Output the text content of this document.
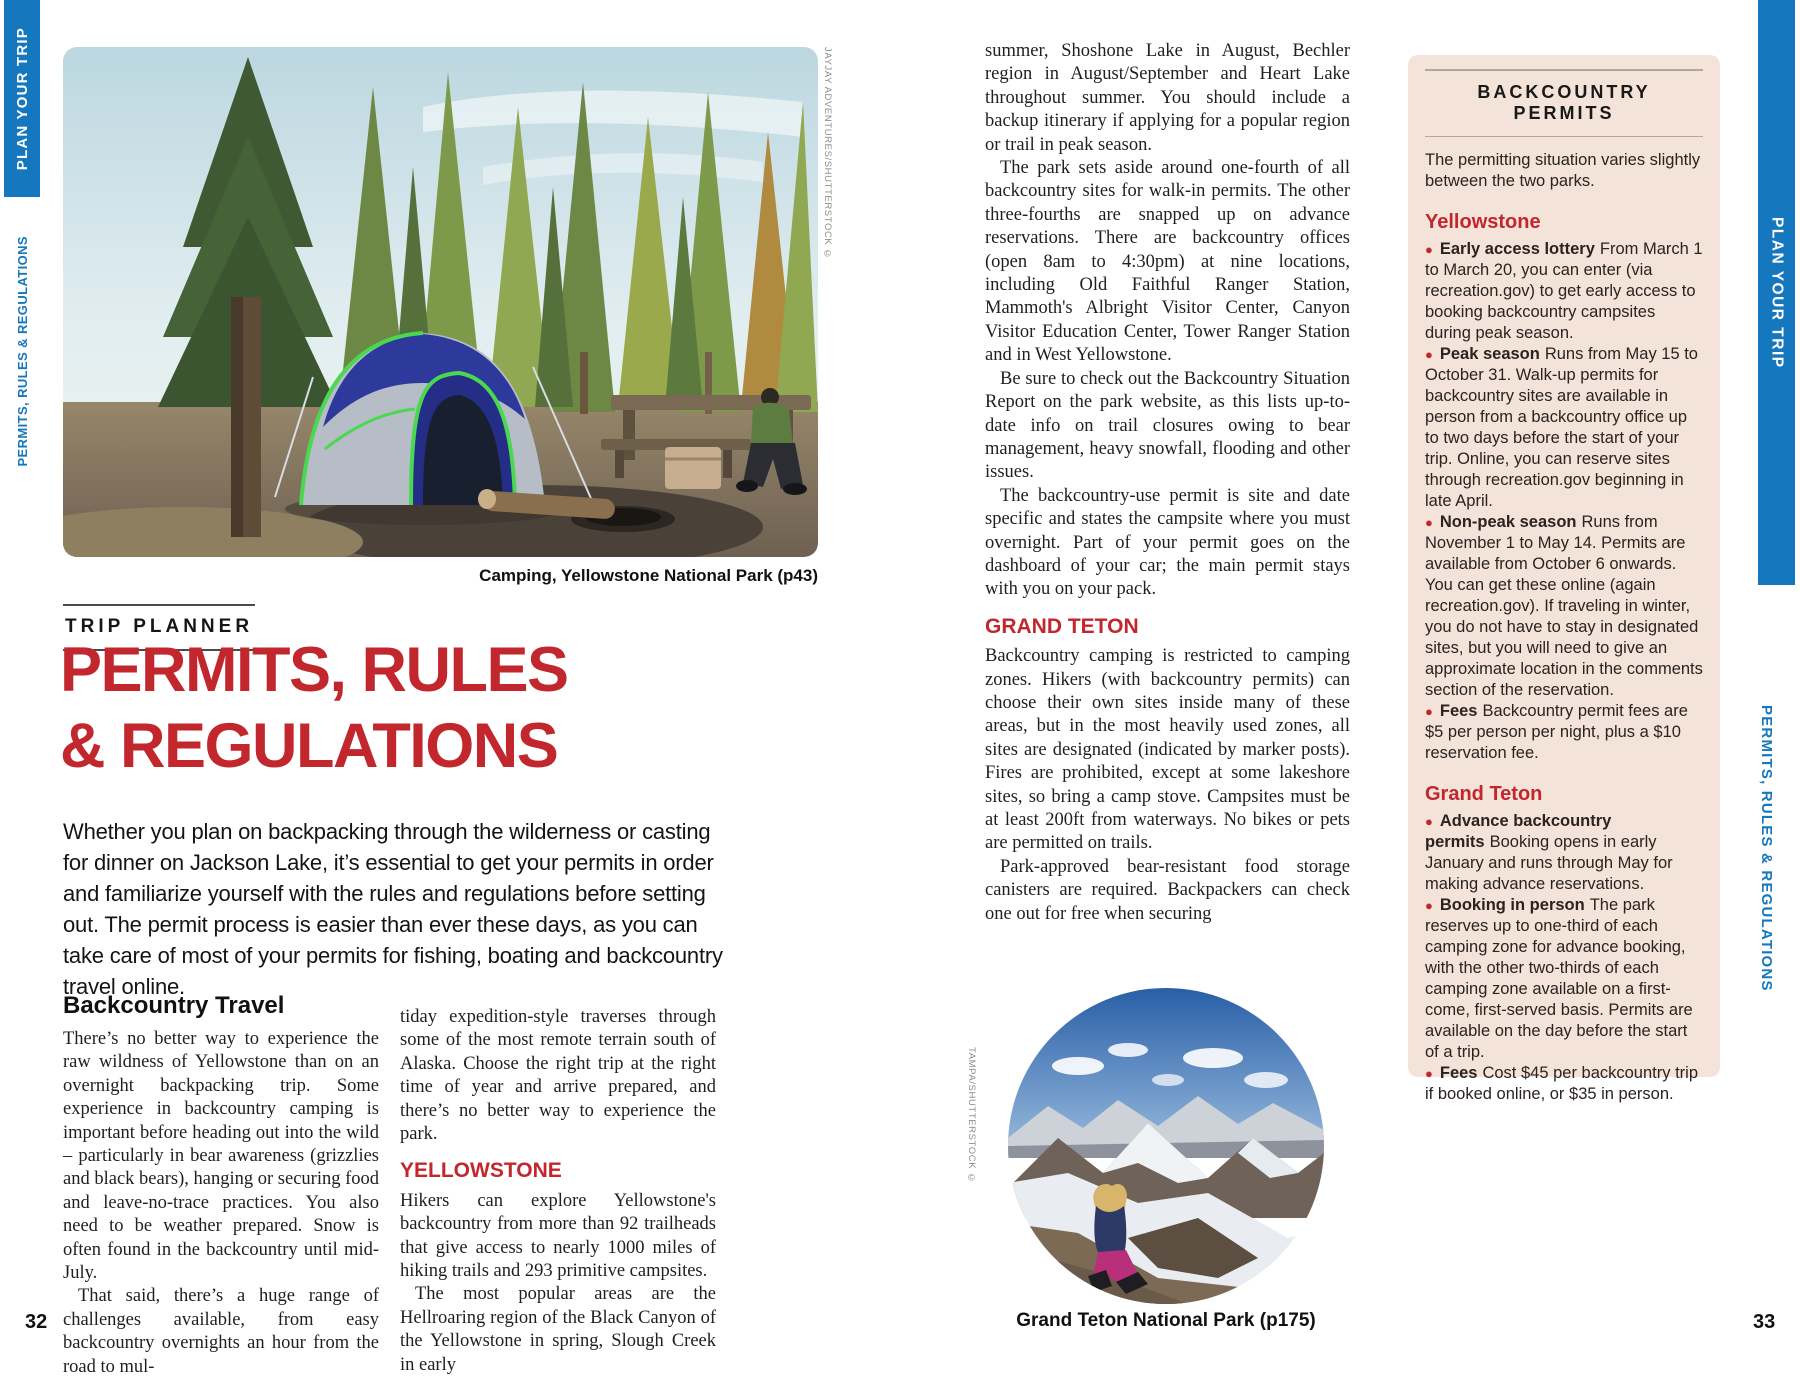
PLAN YOUR TRIP
PERMITS, RULES & REGULATIONS
JAYJAY ADVENTURES/SHUTTERSTOCK ©
Camping, Yellowstone National Park (p43)
TRIP PLANNER
PERMITS, RULES
& REGULATIONS
Whether you plan on backpacking through the wilderness or casting for dinner on Jackson Lake, it’s essential to get your permits in order and familiarize yourself with the rules and regulations before setting out. The permit process is easier than ever these days, as you can take care of most of your permits for fishing, boating and backcountry travel online.
Backcountry Travel

There’s no better way to experience the raw wildness of Yellowstone than on an overnight backpacking trip. Some experience in backcountry camping is important before heading out into the wild – particularly in bear awareness (grizzlies and black bears), hanging or securing food and leave-no-trace practices. You also need to be weather prepared. Snow is often found in the backcountry until mid-July.

That said, there’s a huge range of challenges available, from easy backcountry overnights an hour from the road to mul-

tiday expedition-style traverses through some of the most remote terrain south of Alaska. Choose the right trip at the right time of year and arrive prepared, and there’s no better way to experience the park.

YELLOWSTONE

Hikers can explore Yellowstone's backcountry from more than 92 trailheads that give access to nearly 1000 miles of hiking trails and 293 primitive campsites.

The most popular areas are the Hellroaring region of the Black Canyon of the Yellowstone in spring, Slough Creek in early

summer, Shoshone Lake in August, Bechler region in August/September and Heart Lake throughout summer. You should include a backup itinerary if applying for a popular region or trail in peak season.

The park sets aside around one-fourth of all backcountry sites for walk-in permits. The other three-fourths are snapped up on advance reservations. There are backcountry offices (open 8am to 4:30pm) at nine locations, including Old Faithful Ranger Station, Mammoth's Albright Visitor Center, Canyon Visitor Education Center, Tower Ranger Station and in West Yellowstone.

Be sure to check out the Backcountry Situation Report on the park website, as this lists up-to-date info on trail closures owing to bear management, heavy snowfall, flooding and other issues.

The backcountry-use permit is site and date specific and states the campsite where you must overnight. Part of your permit goes on the dashboard of your car; the main permit stays with you on your pack.

GRAND TETON

Backcountry camping is restricted to camping zones. Hikers (with backcountry permits) can choose their own sites inside many of these areas, but in the most heavily used zones, all sites are designated (indicated by marker posts). Fires are prohibited, except at some lakeshore sites, so bring a camp stove. Campsites must be at least 200ft from waterways. No bikes or pets are permitted on trails.

Park-approved bear-resistant food storage canisters are required. Backpackers can check one out for free when securing

TAMPA/SHUTTERSTOCK ©
Grand Teton National Park (p175)
BACKCOUNTRY PERMITS

The permitting situation varies slightly between the two parks.

Yellowstone

● Early access lottery From March 1 to March 20, you can enter (via recreation.gov) to get early access to booking backcountry campsites during peak season.

● Peak season Runs from May 15 to October 31. Walk-up permits for backcountry sites are available in person from a backcountry office up to two days before the start of your trip. Online, you can reserve sites through recreation.gov beginning in late April.

● Non-peak season Runs from November 1 to May 14. Permits are available from October 6 onwards. You can get these online (again recreation.gov). If traveling in winter, you do not have to stay in designated sites, but you will need to give an approximate location in the comments section of the reservation.

● Fees Backcountry permit fees are $5 per person per night, plus a $10 reservation fee.

Grand Teton

● Advance backcountry permits Booking opens in early January and runs through May for making advance reservations.

● Booking in person The park reserves up to one-third of each camping zone for advance booking, with the other two-thirds of each camping zone available on a first-come, first-served basis. Permits are available on the day before the start of a trip.

● Fees Cost $45 per backcountry trip if booked online, or $35 in person.

PLAN YOUR TRIP
PERMITS, RULES & REGULATIONS
32	33
